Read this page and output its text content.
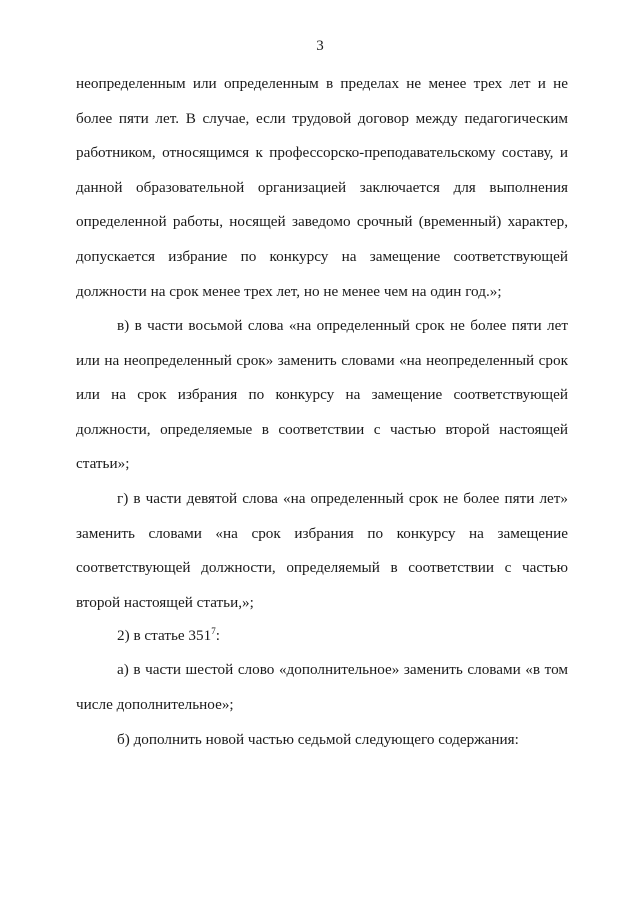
3

неопределенным или определенным в пределах не менее трех лет и не более пяти лет. В случае, если трудовой договор между педагогическим работником, относящимся к профессорско-преподавательскому составу, и данной образовательной организацией заключается для выполнения определенной работы, носящей заведомо срочный (временный) характер, допускается избрание по конкурсу на замещение соответствующей должности на срок менее трех лет, но не менее чем на один год.»;

в) в части восьмой слова «на определенный срок не более пяти лет или на неопределенный срок» заменить словами «на неопределенный срок или на срок избрания по конкурсу на замещение соответствующей должности, определяемые в соответствии с частью второй настоящей статьи»;

г) в части девятой слова «на определенный срок не более пяти лет» заменить словами «на срок избрания по конкурсу на замещение соответствующей должности, определяемый в соответствии с частью второй настоящей статьи,»;

2) в статье $351^7$:

а) в части шестой слово «дополнительное» заменить словами «в том числе дополнительное»;

б) дополнить новой частью седьмой следующего содержания:
